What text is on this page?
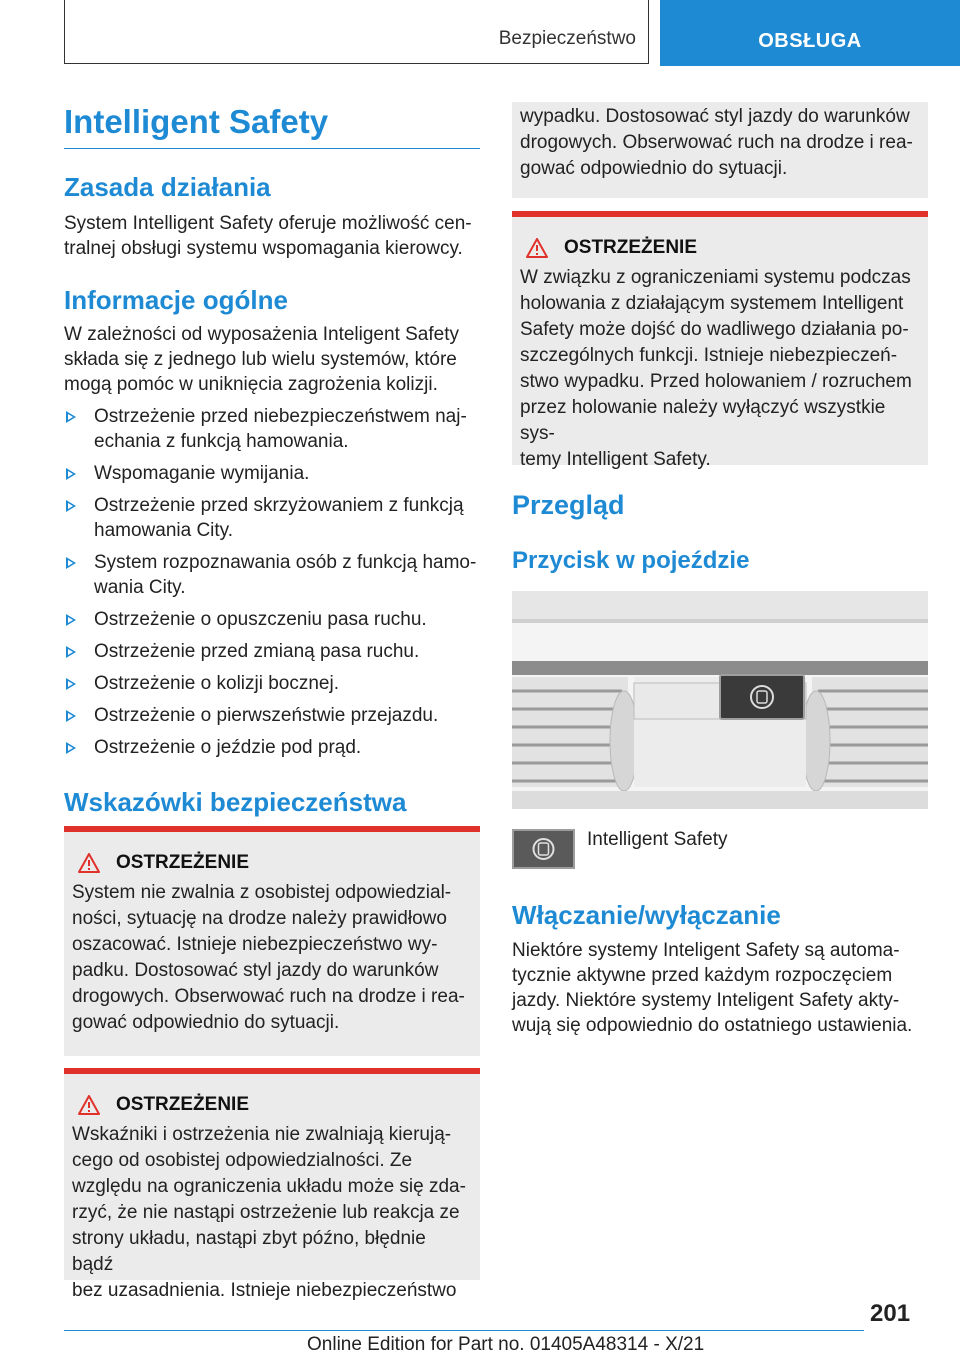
Bezpieczeństwo	OBSŁUGA
Intelligent Safety
Zasada działania
System Intelligent Safety oferuje możliwość cen-
tralnej obsługi systemu wspomagania kierowcy.
Informacje ogólne
W zależności od wyposażenia Inteligent Safety
składa się z jednego lub wielu systemów, które
mogą pomóc w uniknięcia zagrożenia kolizji.
Ostrzeżenie przed niebezpieczeństwem naj-
echania z funkcją hamowania.
Wspomaganie wymijania.
Ostrzeżenie przed skrzyżowaniem z funkcją
hamowania City.
System rozpoznawania osób z funkcją hamo-
wania City.
Ostrzeżenie o opuszczeniu pasa ruchu.
Ostrzeżenie przed zmianą pasa ruchu.
Ostrzeżenie o kolizji bocznej.
Ostrzeżenie o pierwszeństwie przejazdu.
Ostrzeżenie o jeździe pod prąd.
Wskazówki bezpieczeństwa
OSTRZEŻENIE
System nie zwalnia z osobistej odpowiedzial-
ności, sytuację na drodze należy prawidłowo
oszacować. Istnieje niebezpieczeństwo wy-
padku. Dostosować styl jazdy do warunków
drogowych. Obserwować ruch na drodze i rea-
gować odpowiednio do sytuacji.
OSTRZEŻENIE
Wskaźniki i ostrzeżenia nie zwalniają kierują-
cego od osobistej odpowiedzialności. Ze
względu na ograniczenia układu może się zda-
rzyć, że nie nastąpi ostrzeżenie lub reakcja ze
strony układu, nastąpi zbyt późno, błędnie bądź
bez uzasadnienia. Istnieje niebezpieczeństwo
wypadku. Dostosować styl jazdy do warunków
drogowych. Obserwować ruch na drodze i rea-
gować odpowiednio do sytuacji.
OSTRZEŻENIE
W związku z ograniczeniami systemu podczas
holowania z działającym systemem Intelligent
Safety może dojść do wadliwego działania po-
szczególnych funkcji. Istnieje niebezpieczeń-
stwo wypadku. Przed holowaniem / rozruchem
przez holowanie należy wyłączyć wszystkie sys-
temy Intelligent Safety.
Przegląd
Przycisk w pojeździe
Intelligent Safety
Włączanie/wyłączanie
Niektóre systemy Inteligent Safety są automa-
tycznie aktywne przed każdym rozpoczęciem
jazdy. Niektóre systemy Inteligent Safety akty-
wują się odpowiednio do ostatniego ustawienia.
201
Online Edition for Part no. 01405A48314 - X/21
